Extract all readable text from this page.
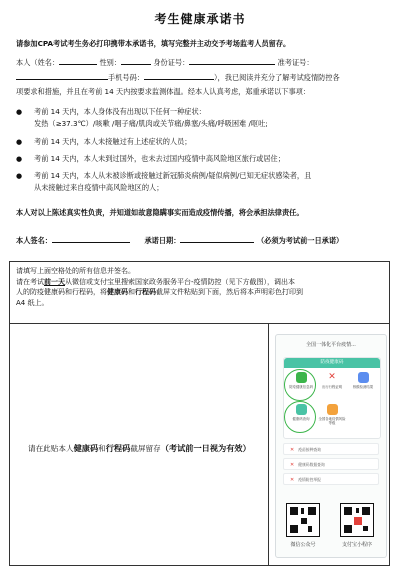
考生健康承诺书
请参加CPA考试考生务必打印携带本承诺书，填写完整并主动交予考场监考人员留存。
本人（姓名：	性别：	身份证号：	准考证号：
手机号码：	），我已阅读并充分了解考试疫情防控各
项要求和措施，并且在考前 14 天内按要求监测体温。经本人认真考虑，郑重承诺以下事项：
● 考前 14 天内，本人身体没有出现以下任何一种症状：
发热（≥37.3℃）/咳嗽 /咽子痛/肌肉或关节痛/鼻塞/头痛/呼吸困难 /呕吐;
● 考前 14 天内，本人未接触过有上述症状的人员；
● 考前 14 天内，本人未到过国外，也未去过国内疫情中高风险地区旅行或居住；
● 考前 14 天内，本人从未被诊断或接触过新冠肺炎病例/疑似病例/已知无症状感染者，且
从未接触过来自疫情中高风险地区的人；
本人对以上陈述真实性负责，并知道如故意隐瞒事实而造成疫情传播，将会承担法律责任。
本人签名：	承诺日期：	（必须为考试前一日承诺）
请填写上面空格处的所有信息并签名。
请在考试前一天从微信或支付宝里搜索国家政务服务平台-疫情防控（见下方截图），调出本
人的防疫健康码和行程码，将健康码和行程码截屏文件粘贴到下面，然后将本声明彩色打印到
A4 纸上。
请在此贴本人健康码和行程码截屏留存（考试前一日视为有效）
全国一体化平台疫情...
防疫健康码
防疫健康信息码
✕
出行行程证明	核酸检测结果
健康码查询	全国各地疫情风险等级
✕ 疫苗接种查询
✕ 健康码数据查询
✕ 疫情防控举报
微信公众号	支付宝小程序
